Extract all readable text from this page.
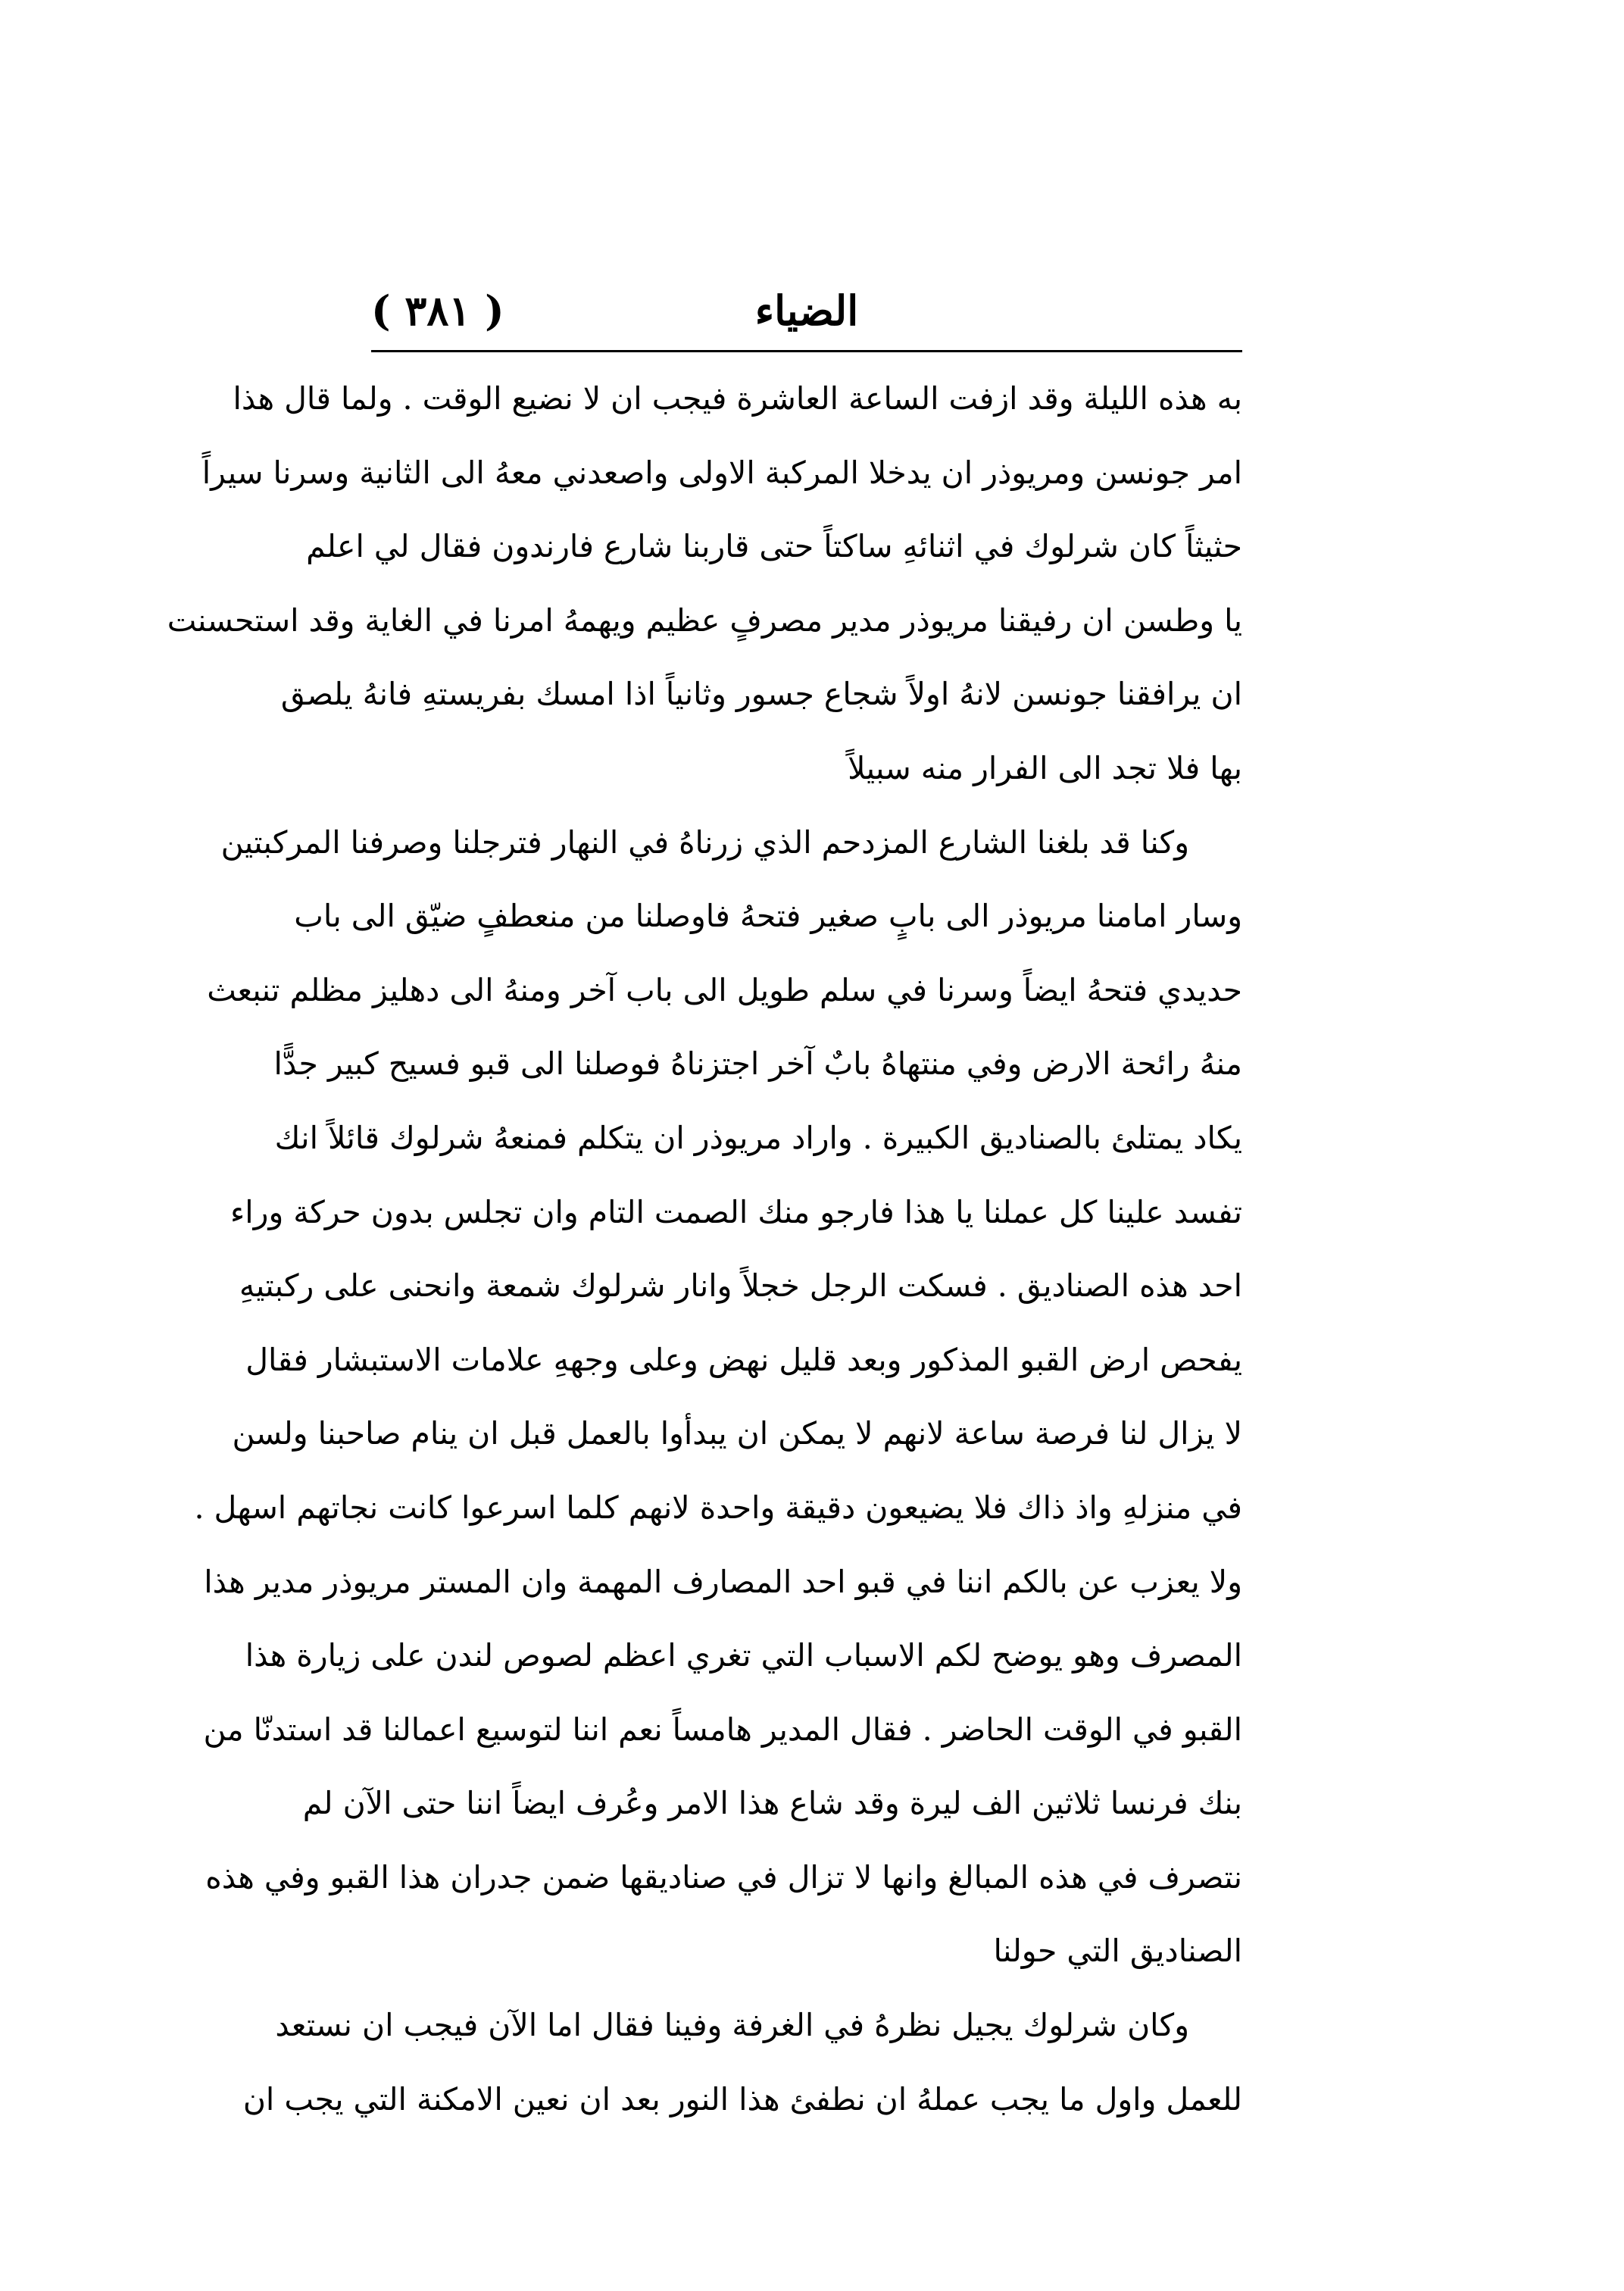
( ٣٨١ )	الضياء
به هذه الليلة وقد ازفت الساعة العاشرة فيجب ان لا نضيع الوقت . ولما قال هذا
امر جونسن ومريوذر ان يدخلا المركبة الاولى واصعدني معهُ الى الثانية وسرنا سيراً
حثيثاً كان شرلوك في اثنائهِ ساكتاً حتى قاربنا شارع فارندون فقال لي اعلم
يا وطسن ان رفيقنا مريوذر مدير مصرفٍ عظيم ويهمهُ امرنا في الغاية وقد استحسنت
ان يرافقنا جونسن لانهُ اولاً شجاع جسور وثانياً اذا امسك بفريستهِ فانهُ يلصق
بها فلا تجد الى الفرار منه سبيلاً
وكنا قد بلغنا الشارع المزدحم الذي زرناهُ في النهار فترجلنا وصرفنا المركبتين
وسار امامنا مريوذر الى بابٍ صغير فتحهُ فاوصلنا من منعطفٍ ضيّق الى باب
حديدي فتحهُ ايضاً وسرنا في سلم طويل الى باب آخر ومنهُ الى دهليز مظلم تنبعث
منهُ رائحة الارض وفي منتهاهُ بابٌ آخر اجتزناهُ فوصلنا الى قبو فسيح كبير جدًّا
يكاد يمتلئ بالصناديق الكبيرة . واراد مريوذر ان يتكلم فمنعهُ شرلوك قائلاً انك
تفسد علينا كل عملنا يا هذا فارجو منك الصمت التام وان تجلس بدون حركة وراء
احد هذه الصناديق . فسكت الرجل خجلاً وانار شرلوك شمعة وانحنى على ركبتيهِ
يفحص ارض القبو المذكور وبعد قليل نهض وعلى وجههِ علامات الاستبشار فقال
لا يزال لنا فرصة ساعة لانهم لا يمكن ان يبدأوا بالعمل قبل ان ينام صاحبنا ولسن
في منزلهِ واذ ذاك فلا يضيعون دقيقة واحدة لانهم كلما اسرعوا كانت نجاتهم اسهل .
ولا يعزب عن بالكم اننا في قبو احد المصارف المهمة وان المستر مريوذر مدير هذا
المصرف وهو يوضح لكم الاسباب التي تغري اعظم لصوص لندن على زيارة هذا
القبو في الوقت الحاضر . فقال المدير هامساً نعم اننا لتوسيع اعمالنا قد استدنّا من
بنك فرنسا ثلاثين الف ليرة وقد شاع هذا الامر وعُرف ايضاً اننا حتى الآن لم
نتصرف في هذه المبالغ وانها لا تزال في صناديقها ضمن جدران هذا القبو وفي هذه
الصناديق التي حولنا
وكان شرلوك يجيل نظرهُ في الغرفة وفينا فقال اما الآن فيجب ان نستعد
للعمل واول ما يجب عملهُ ان نطفئ هذا النور بعد ان نعين الامكنة التي يجب ان
